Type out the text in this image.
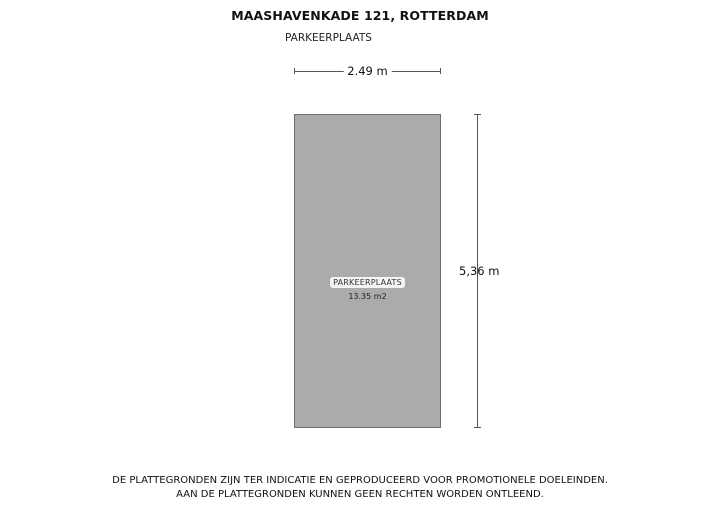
MAASHAVENKADE 121, ROTTERDAM
PARKEERPLAATS
2.49 m
PARKEERPLAATS
13.35 m2
5,36 m
DE PLATTEGRONDEN ZIJN TER INDICATIE EN GEPRODUCEERD VOOR PROMOTIONELE DOELEINDEN.
AAN DE PLATTEGRONDEN KUNNEN GEEN RECHTEN WORDEN ONTLEEND.
